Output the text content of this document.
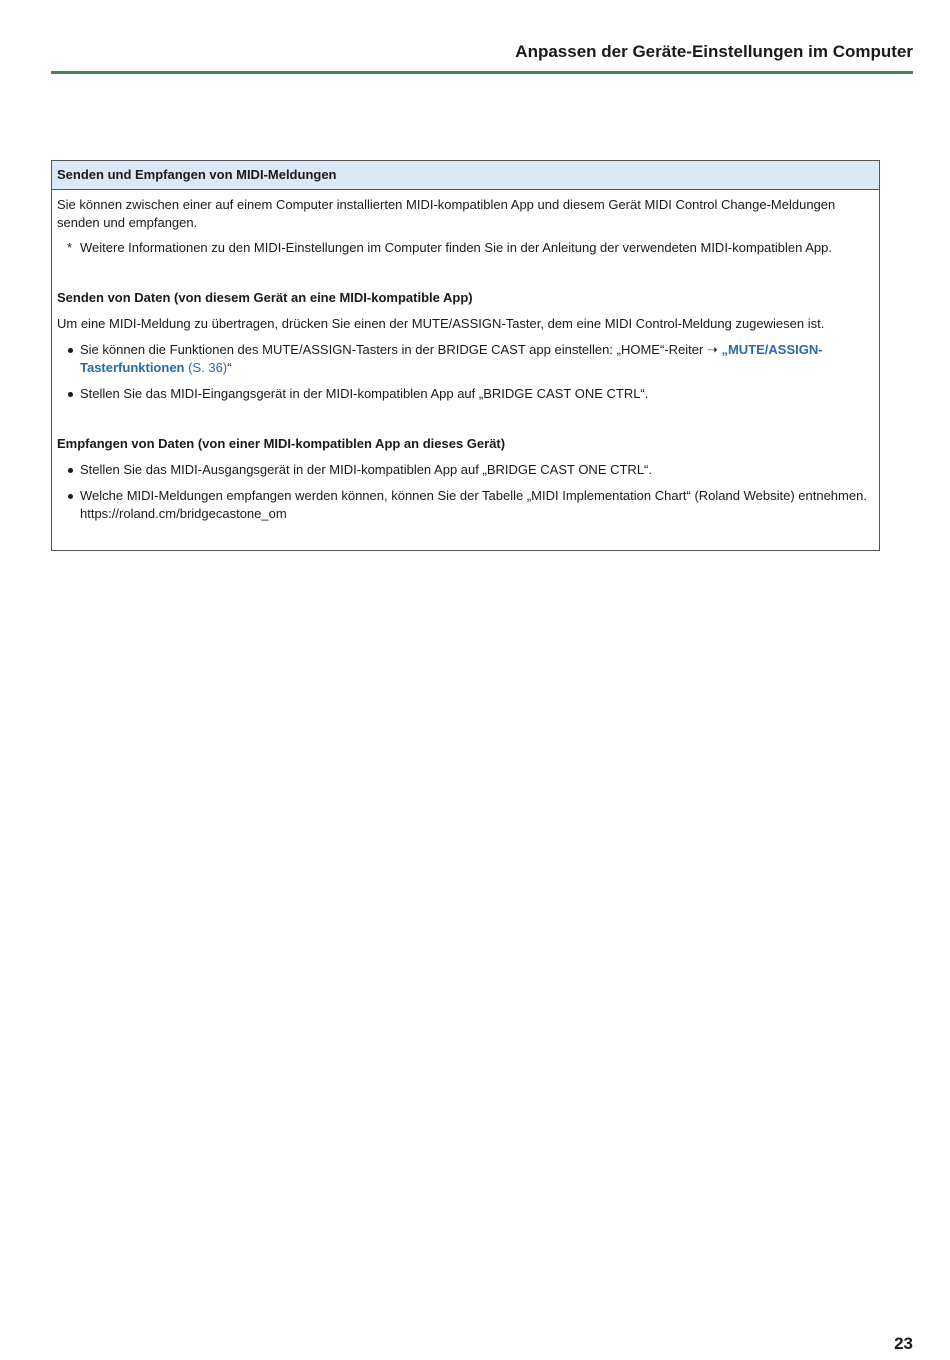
Anpassen der Geräte-Einstellungen im Computer
Senden und Empfangen von MIDI-Meldungen

Sie können zwischen einer auf einem Computer installierten MIDI-kompatiblen App und diesem Gerät MIDI Control Change-Meldungen senden und empfangen.

* Weitere Informationen zu den MIDI-Einstellungen im Computer finden Sie in der Anleitung der verwendeten MIDI-kompatiblen App.

Senden von Daten (von diesem Gerät an eine MIDI-kompatible App)

Um eine MIDI-Meldung zu übertragen, drücken Sie einen der MUTE/ASSIGN-Taster, dem eine MIDI Control-Meldung zugewiesen ist.

Sie können die Funktionen des MUTE/ASSIGN-Tasters in der BRIDGE CAST app einstellen: „HOME“-Reiter ➝ „MUTE/ASSIGN-Tasterfunktionen (S. 36)“
Stellen Sie das MIDI-Eingangsgerät in der MIDI-kompatiblen App auf „BRIDGE CAST ONE CTRL“.

Empfangen von Daten (von einer MIDI-kompatiblen App an dieses Gerät)

Stellen Sie das MIDI-Ausgangsgerät in der MIDI-kompatiblen App auf „BRIDGE CAST ONE CTRL“.
Welche MIDI-Meldungen empfangen werden können, können Sie der Tabelle „MIDI Implementation Chart“ (Roland Website) entnehmen.
https://roland.cm/bridgecastone_om
23
